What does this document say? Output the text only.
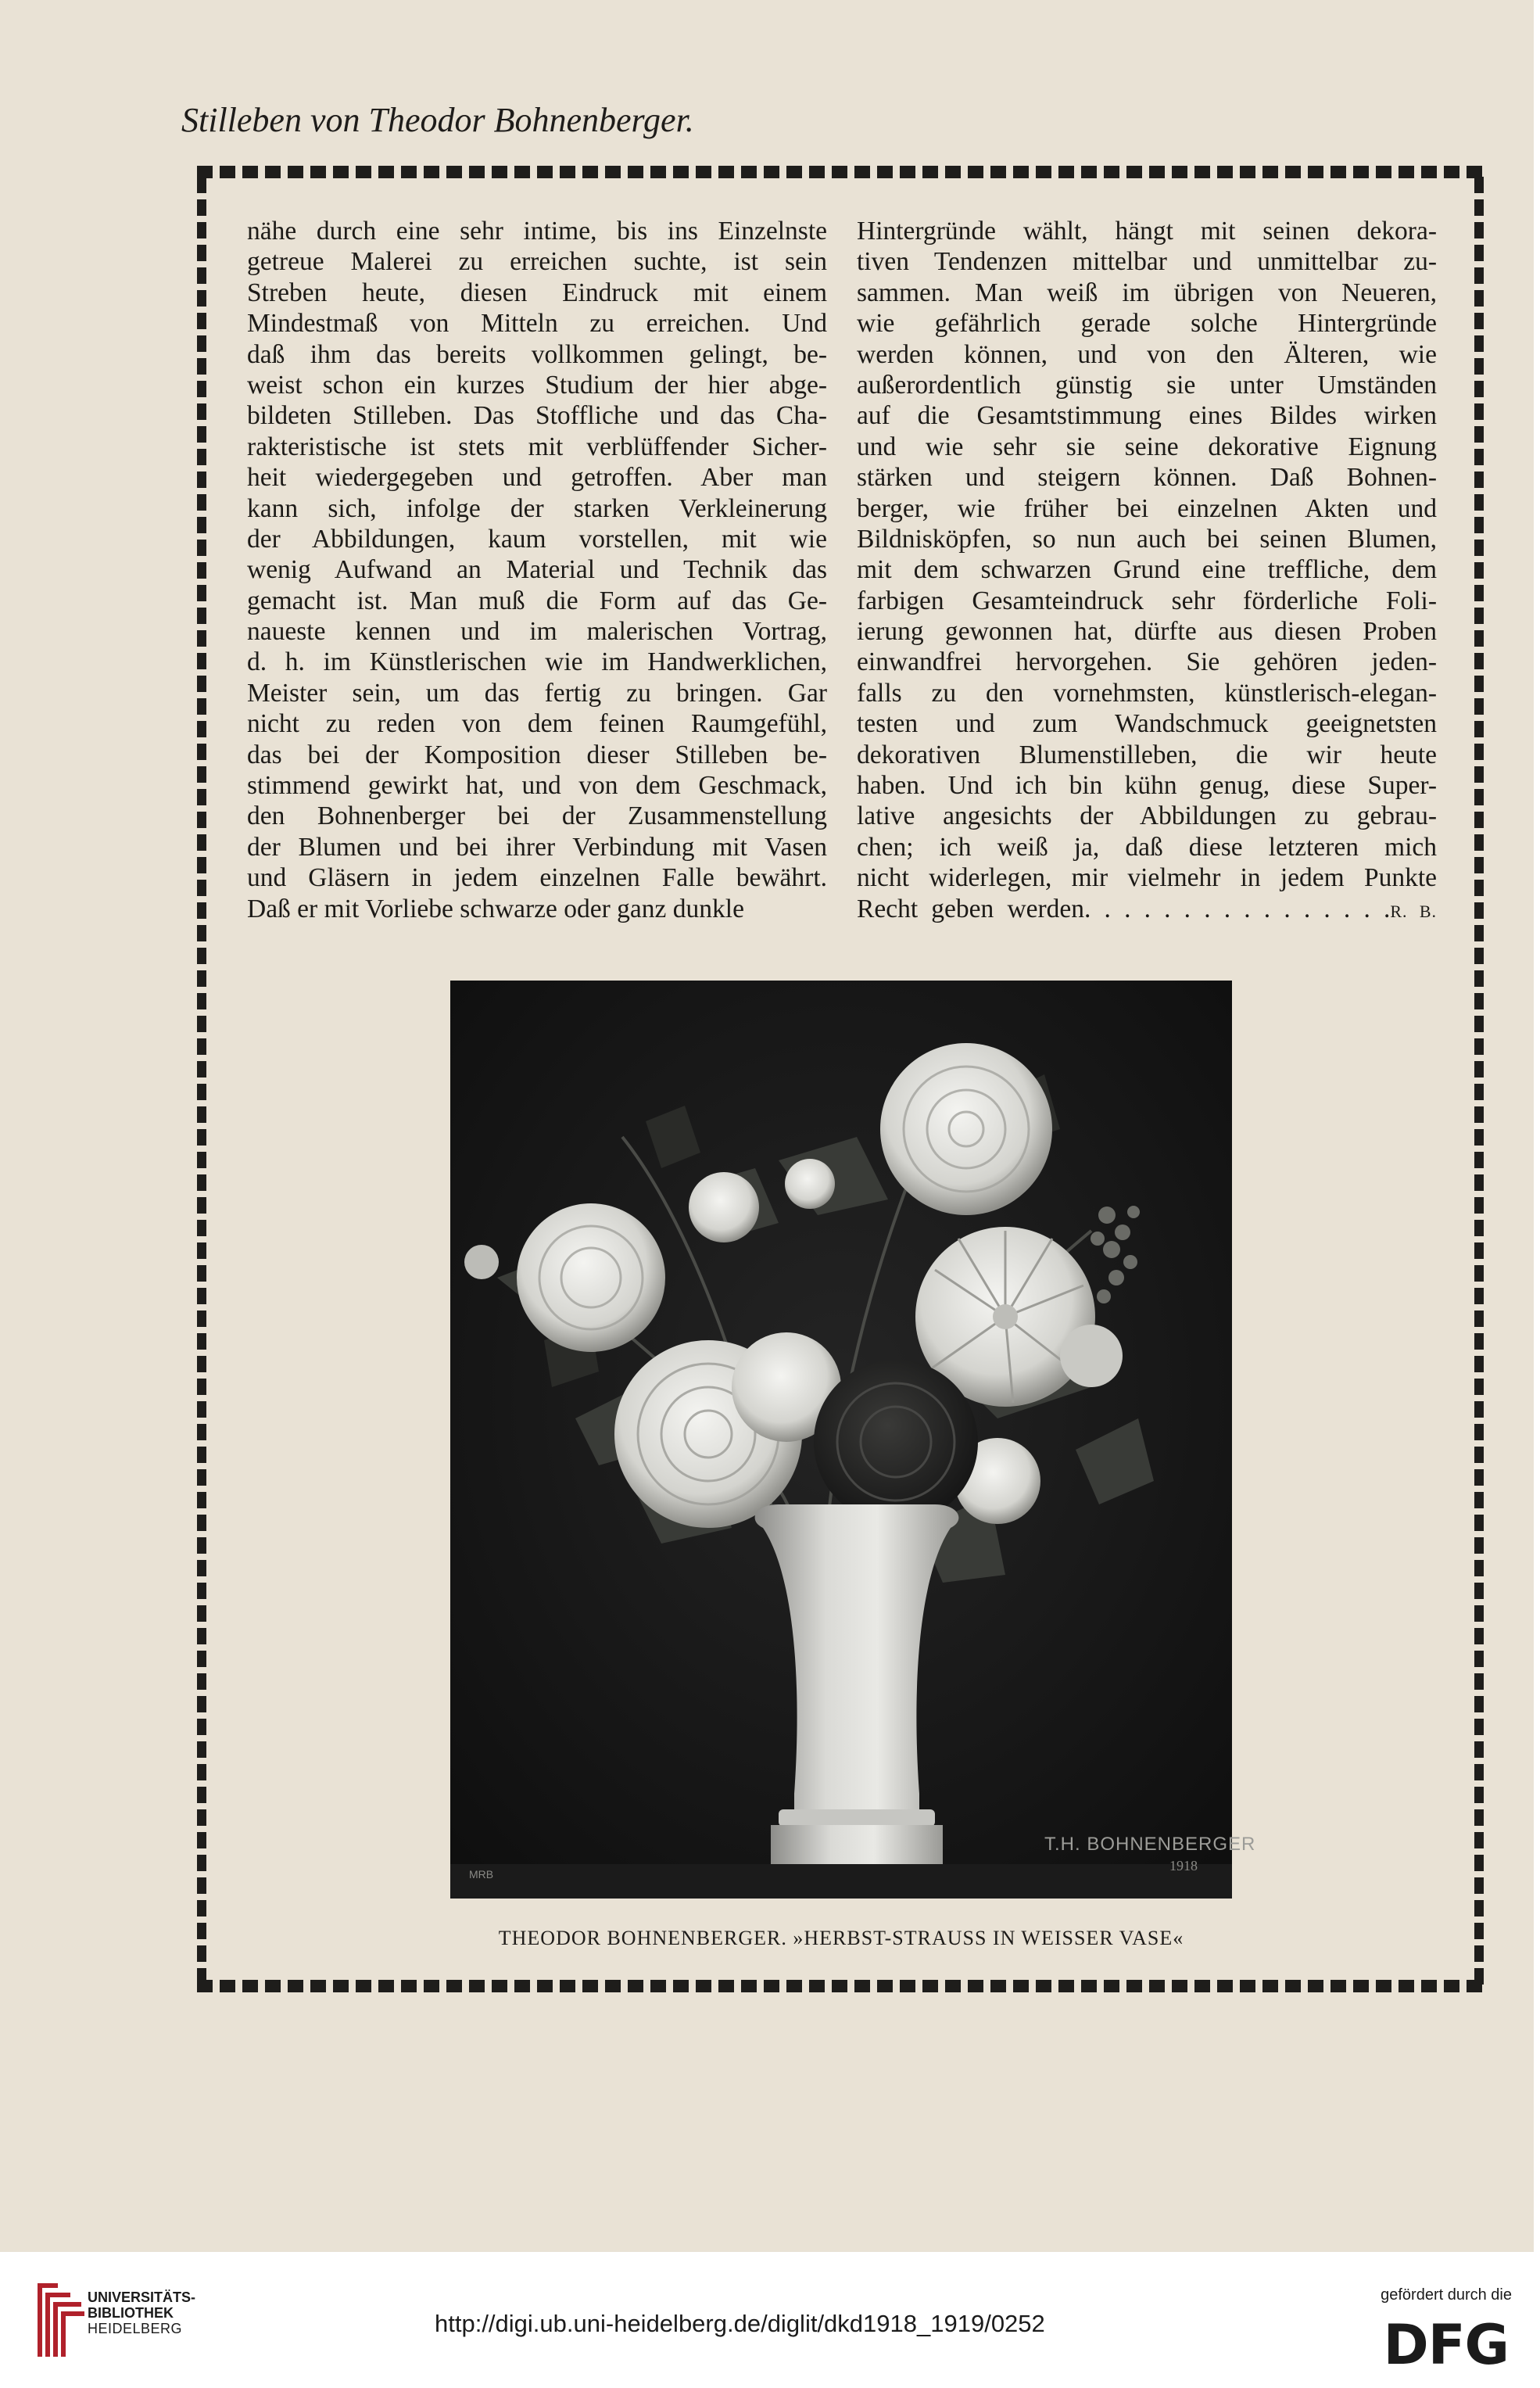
Stilleben von Theodor Bohnenberger.
nähe durch eine sehr intime, bis ins Einzelnste
getreue Malerei zu erreichen suchte, ist sein
Streben heute, diesen Eindruck mit einem
Mindestmaß von Mitteln zu erreichen. Und
daß ihm das bereits vollkommen gelingt, be-
weist schon ein kurzes Studium der hier abge-
bildeten Stilleben. Das Stoffliche und das Cha-
rakteristische ist stets mit verblüffender Sicher-
heit wiedergegeben und getroffen. Aber man
kann sich, infolge der starken Verkleinerung
der Abbildungen, kaum vorstellen, mit wie
wenig Aufwand an Material und Technik das
gemacht ist. Man muß die Form auf das Ge-
naueste kennen und im malerischen Vortrag,
d. h. im Künstlerischen wie im Handwerklichen,
Meister sein, um das fertig zu bringen. Gar
nicht zu reden von dem feinen Raumgefühl,
das bei der Komposition dieser Stilleben be-
stimmend gewirkt hat, und von dem Geschmack,
den Bohnenberger bei der Zusammenstellung
der Blumen und bei ihrer Verbindung mit Vasen
und Gläsern in jedem einzelnen Falle bewährt.
Daß er mit Vorliebe schwarze oder ganz dunkle
Hintergründe wählt, hängt mit seinen dekora-
tiven Tendenzen mittelbar und unmittelbar zu-
sammen. Man weiß im übrigen von Neueren,
wie gefährlich gerade solche Hintergründe
werden können, und von den Älteren, wie
außerordentlich günstig sie unter Umständen
auf die Gesamtstimmung eines Bildes wirken
und wie sehr sie seine dekorative Eignung
stärken und steigern können. Daß Bohnen-
berger, wie früher bei einzelnen Akten und
Bildnisköpfen, so nun auch bei seinen Blumen,
mit dem schwarzen Grund eine treffliche, dem
farbigen Gesamteindruck sehr förderliche Foli-
ierung gewonnen hat, dürfte aus diesen Proben
einwandfrei hervorgehen. Sie gehören jeden-
falls zu den vornehmsten, künstlerisch-elegan-
testen und zum Wandschmuck geeignetsten
dekorativen Blumenstilleben, die wir heute
haben. Und ich bin kühn genug, diese Super-
lative angesichts der Abbildungen zu gebrau-
chen; ich weiß ja, daß diese letzteren mich
nicht widerlegen, mir vielmehr in jedem Punkte
Recht geben werden. . . . . . . . . . . . . . . .R. B.
MRB
T.H. BOHNENBERGER
1918

THEODOR BOHNENBERGER. »HERBST-STRAUSS IN WEISSER VASE«

UNIVERSITÄTS-
BIBLIOTHEK
HEIDELBERG	http://digi.ub.uni-heidelberg.de/diglit/dkd1918_1919/0252
gefördert durch die
DFG
